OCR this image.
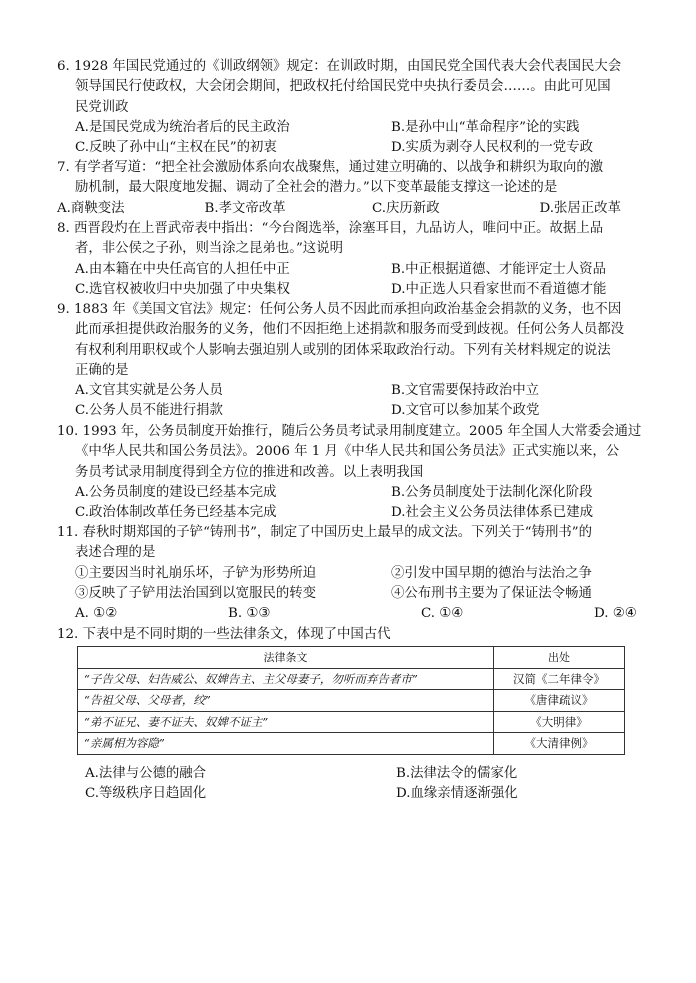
6. 1928 年国民党通过的《训政纲领》规定：在训政时期，由国民党全国代表大会代表国民大会
领导国民行使政权，大会闭会期间，把政权托付给国民党中央执行委员会……。由此可见国
民党训政
A.是国民党成为统治者后的民主政治	B.是孙中山“革命程序”论的实践
C.反映了孙中山“主权在民”的初衷	D.实质为剥夺人民权利的一党专政
7. 有学者写道：“把全社会激励体系向农战聚焦，通过建立明确的、以战争和耕织为取向的激
励机制，最大限度地发掘、调动了全社会的潜力。”以下变革最能支撑这一论述的是
A.商鞅变法	B.孝文帝改革	C.庆历新政	D.张居正改革
8. 西晋段灼在上晋武帝表中指出：“今台阁选举，涂塞耳目，九品访人，唯问中正。故据上品
者，非公侯之子孙，则当涂之昆弟也。”这说明
A.由本籍在中央任高官的人担任中正	B.中正根据道德、才能评定士人资品
C.选官权被收归中央加强了中央集权	D.中正选人只看家世而不看道德才能
9. 1883 年《美国文官法》规定：任何公务人员不因此而承担向政治基金会捐款的义务，也不因
此而承担提供政治服务的义务，他们不因拒绝上述捐款和服务而受到歧视。任何公务人员都没
有权利利用职权或个人影响去强迫别人或别的团体采取政治行动。下列有关材料规定的说法
正确的是
A.文官其实就是公务人员	B.文官需要保持政治中立
C.公务人员不能进行捐款	D.文官可以参加某个政党
10. 1993 年，公务员制度开始推行，随后公务员考试录用制度建立。2005 年全国人大常委会通过
《中华人民共和国公务员法》。2006 年 1 月《中华人民共和国公务员法》正式实施以来，公
务员考试录用制度得到全方位的推进和改善。以上表明我国
A.公务员制度的建设已经基本完成	B.公务员制度处于法制化深化阶段
C.政治体制改革任务已经基本完成	D.社会主义公务员法律体系已建成
11. 春秋时期郑国的子铲“铸刑书”，制定了中国历史上最早的成文法。下列关于“铸刑书”的
表述合理的是
①主要因当时礼崩乐坏，子铲为形势所迫	②引发中国早期的德治与法治之争
③反映了子铲用法治国到以宽服民的转变	④公布刑书主要为了保证法令畅通
A. ①②	B. ①③	C. ①④	D. ②④
12. 下表中是不同时期的一些法律条文，体现了中国古代
法律条文	出处
“子告父母、妇告威公、奴婢告主、主父母妻子，勿听而弃告者市”	汉简《二年律令》
“告祖父母、父母者，绞”	《唐律疏议》
“弟不证兄、妻不证夫、奴婢不证主”	《大明律》
“亲属相为容隐”	《大清律例》
A.法律与公德的融合	B.法律法令的儒家化
C.等级秩序日趋固化	D.血缘亲情逐渐强化
